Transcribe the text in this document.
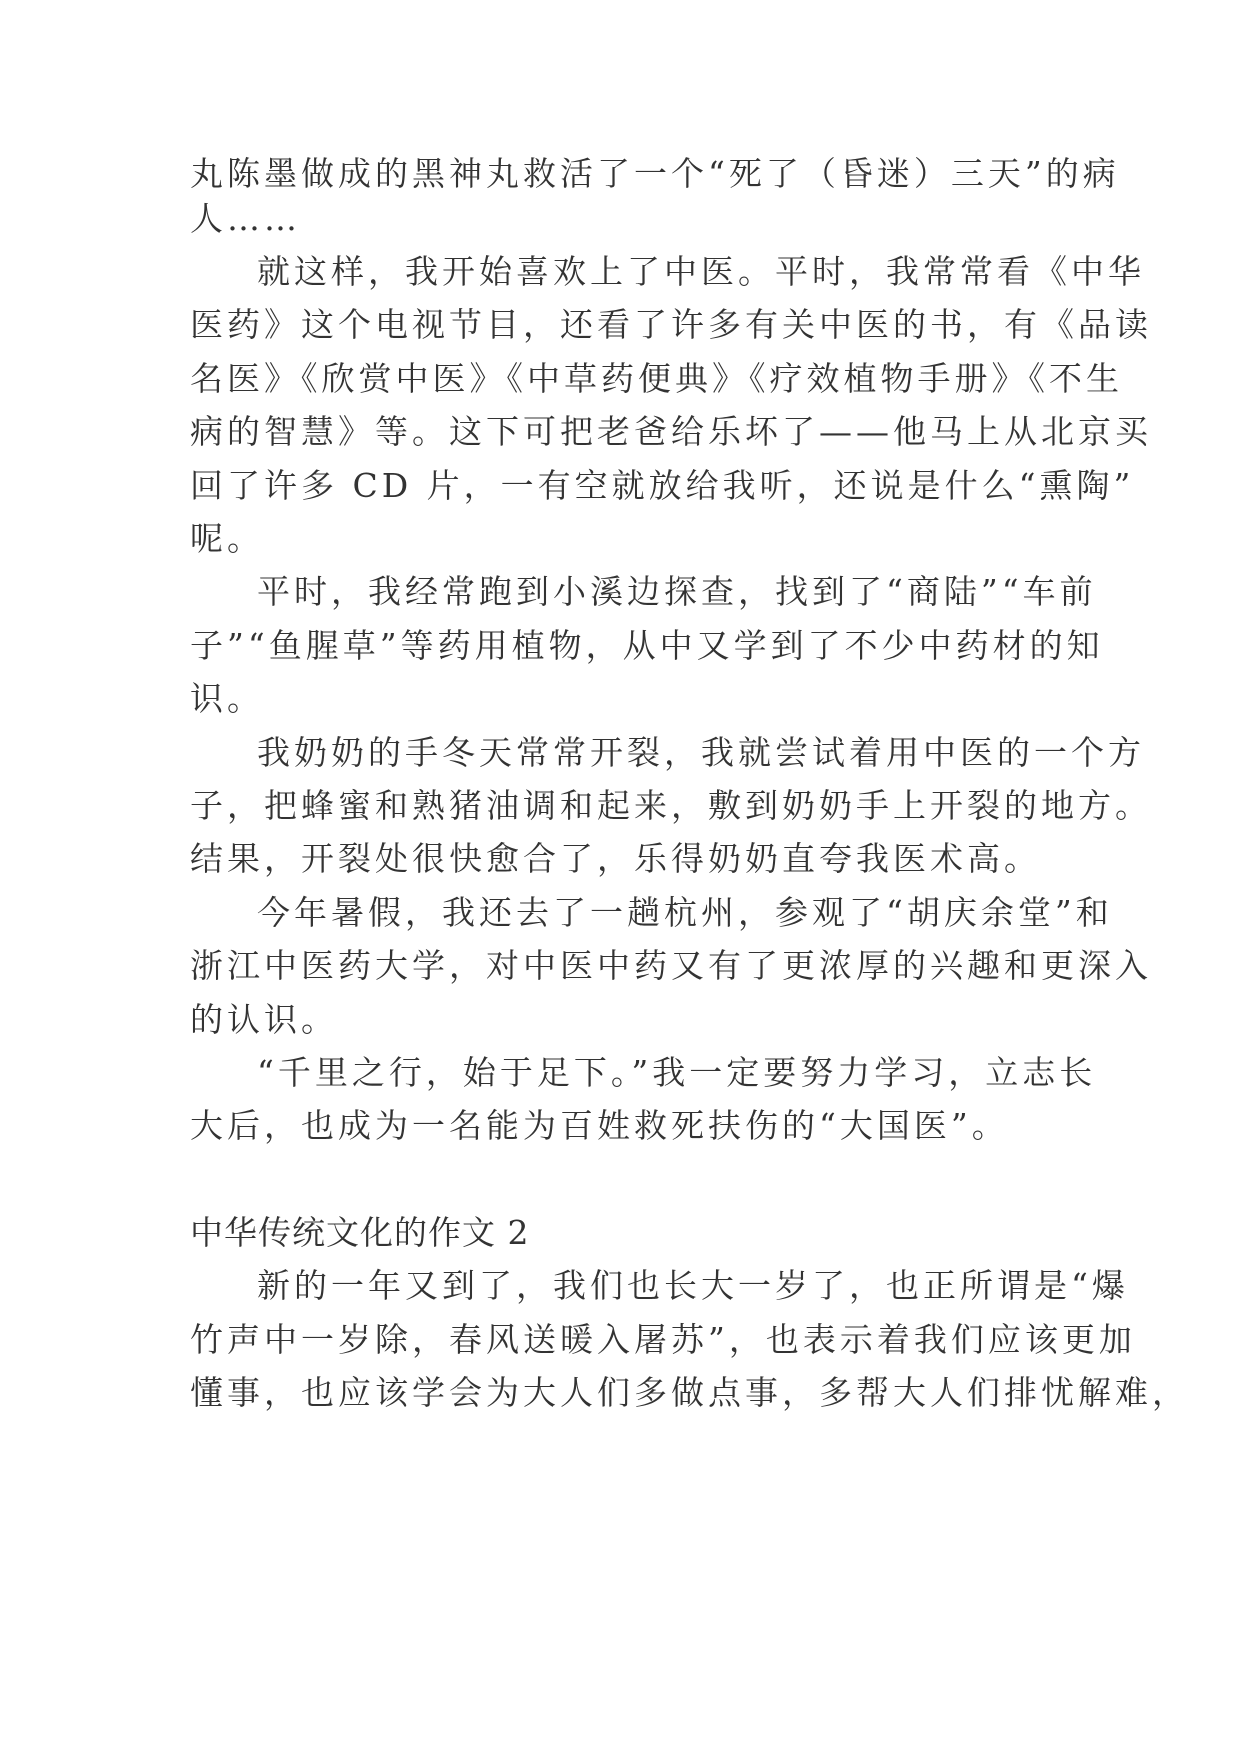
丸陈墨做成的黑神丸救活了一个“死了（昏迷）三天”的病

人……

就这样，我开始喜欢上了中医。平时，我常常看《中华

医药》这个电视节目，还看了许多有关中医的书，有《品读

名医》《欣赏中医》《中草药便典》《疗效植物手册》《不生

病的智慧》等。这下可把老爸给乐坏了——他马上从北京买

回了许多 CD 片，一有空就放给我听，还说是什么“熏陶”

呢。

平时，我经常跑到小溪边探查，找到了“商陆”“车前

子”“鱼腥草”等药用植物，从中又学到了不少中药材的知

识。

我奶奶的手冬天常常开裂，我就尝试着用中医的一个方

子，把蜂蜜和熟猪油调和起来，敷到奶奶手上开裂的地方。

结果，开裂处很快愈合了，乐得奶奶直夸我医术高。

今年暑假，我还去了一趟杭州，参观了“胡庆余堂”和

浙江中医药大学，对中医中药又有了更浓厚的兴趣和更深入

的认识。

“千里之行，始于足下。”我一定要努力学习，立志长

大后，也成为一名能为百姓救死扶伤的“大国医”。

中华传统文化的作文 2

新的一年又到了，我们也长大一岁了，也正所谓是“爆

竹声中一岁除，春风送暖入屠苏”，也表示着我们应该更加

懂事，也应该学会为大人们多做点事，多帮大人们排忧解难，
